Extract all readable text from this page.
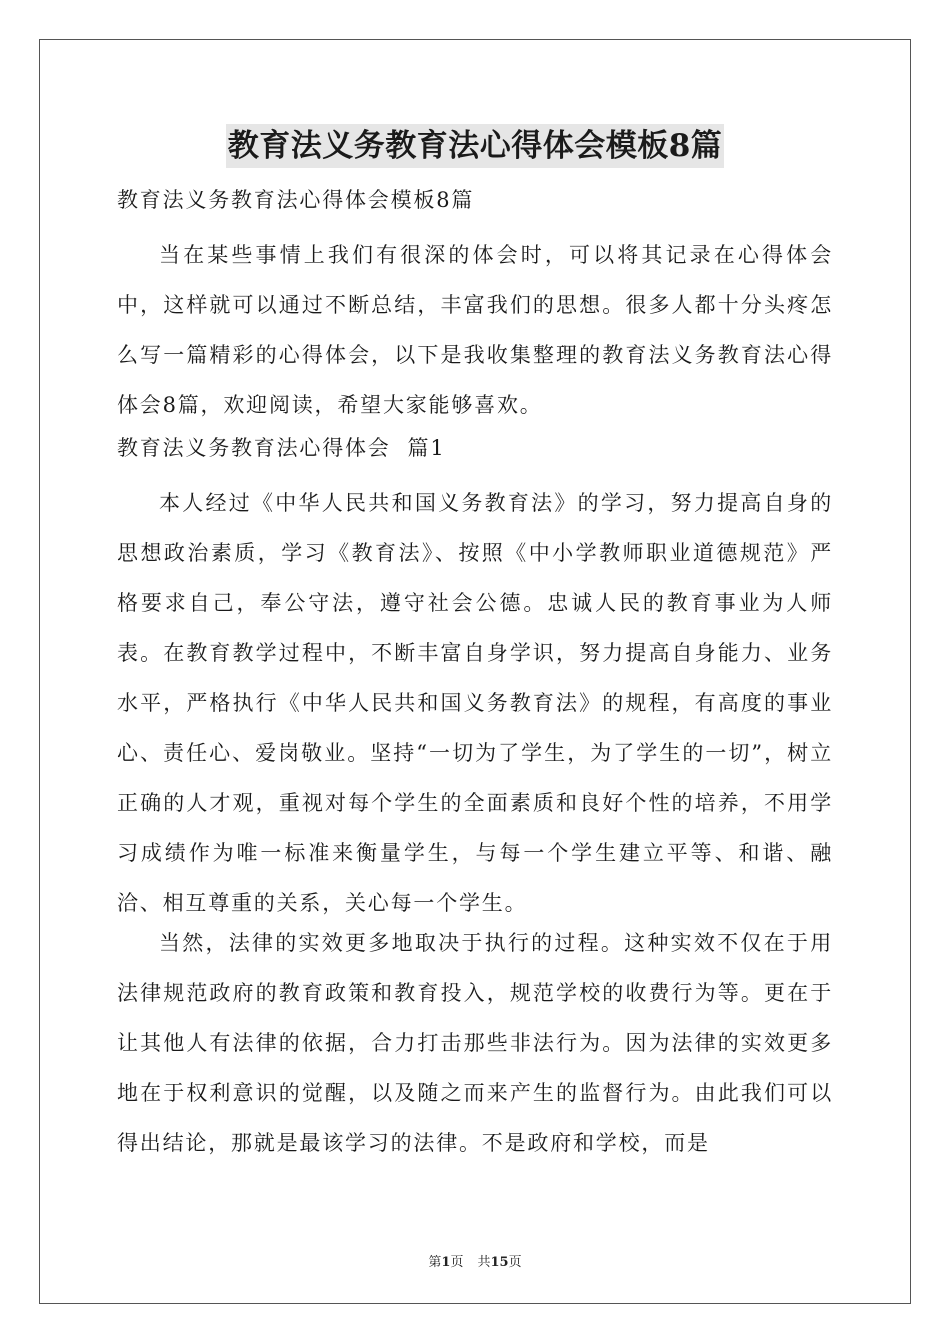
教育法义务教育法心得体会模板8篇
教育法义务教育法心得体会模板8篇

当在某些事情上我们有很深的体会时，可以将其记录在心得体会中，这样就可以通过不断总结，丰富我们的思想。很多人都十分头疼怎么写一篇精彩的心得体会，以下是我收集整理的教育法义务教育法心得体会8篇，欢迎阅读，希望大家能够喜欢。

教育法义务教育法心得体会  篇1

本人经过《中华人民共和国义务教育法》的学习，努力提高自身的思想政治素质，学习《教育法》、按照《中小学教师职业道德规范》严格要求自己，奉公守法，遵守社会公德。忠诚人民的教育事业为人师表。在教育教学过程中，不断丰富自身学识，努力提高自身能力、业务水平，严格执行《中华人民共和国义务教育法》的规程，有高度的事业心、责任心、爱岗敬业。坚持“一切为了学生，为了学生的一切”，树立正确的人才观，重视对每个学生的全面素质和良好个性的培养，不用学习成绩作为唯一标准来衡量学生，与每一个学生建立平等、和谐、融洽、相互尊重的关系，关心每一个学生。

当然，法律的实效更多地取决于执行的过程。这种实效不仅在于用法律规范政府的教育政策和教育投入，规范学校的收费行为等。更在于让其他人有法律的依据，合力打击那些非法行为。因为法律的实效更多地在于权利意识的觉醒，以及随之而来产生的监督行为。由此我们可以得出结论，那就是最该学习的法律。不是政府和学校，而是

第1页 共15页
